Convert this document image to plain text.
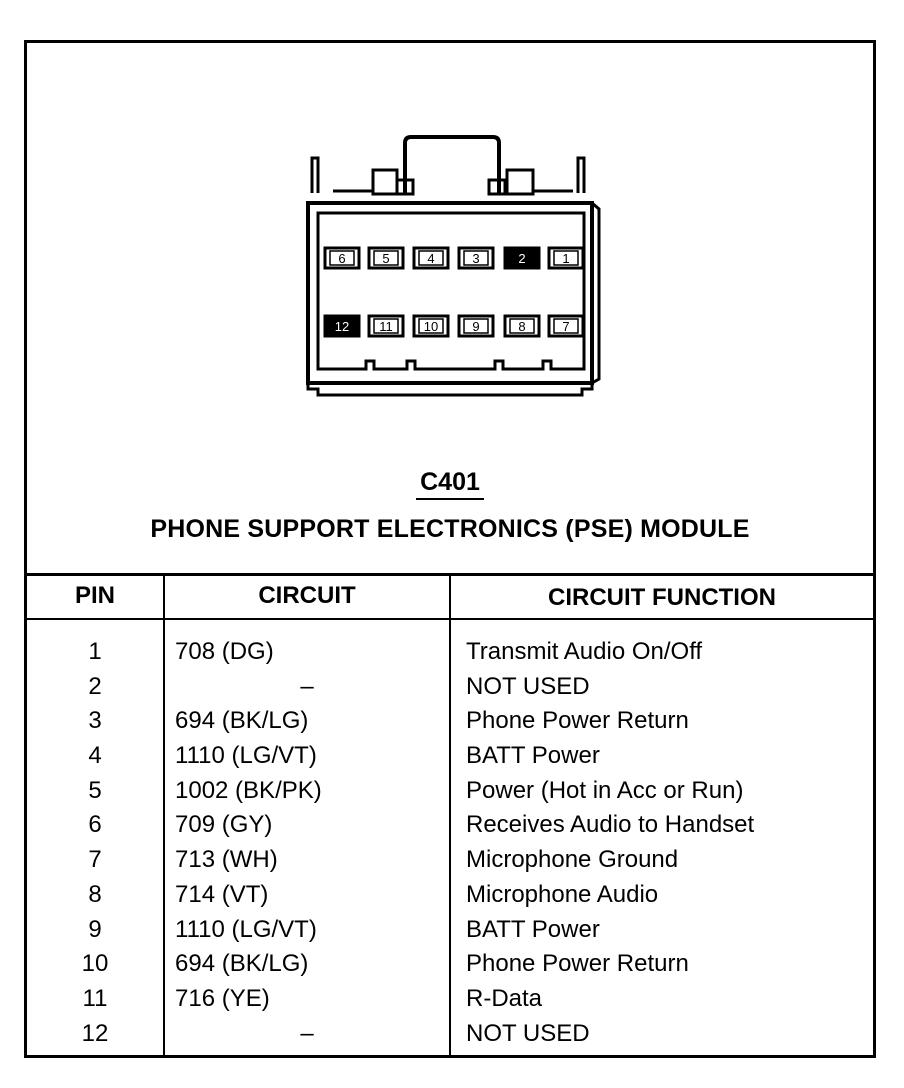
6	5	4	3	2	1
12 11 10	9	8	7
C401
PHONE SUPPORT ELECTRONICS (PSE) MODULE
PIN	CIRCUIT	CIRCUIT FUNCTION
1	708 (DG)	Transmit Audio On/Off
2	–	NOT USED
3	694 (BK/LG)	Phone Power Return
4	1110 (LG/VT)	BATT Power
5	1002 (BK/PK)	Power (Hot in Acc or Run)
6	709 (GY)	Receives Audio to Handset
7	713 (WH)	Microphone Ground
8	714 (VT)	Microphone Audio
9	1110 (LG/VT)	BATT Power
10	694 (BK/LG)	Phone Power Return
11	716 (YE)	R-Data
12	–	NOT USED
